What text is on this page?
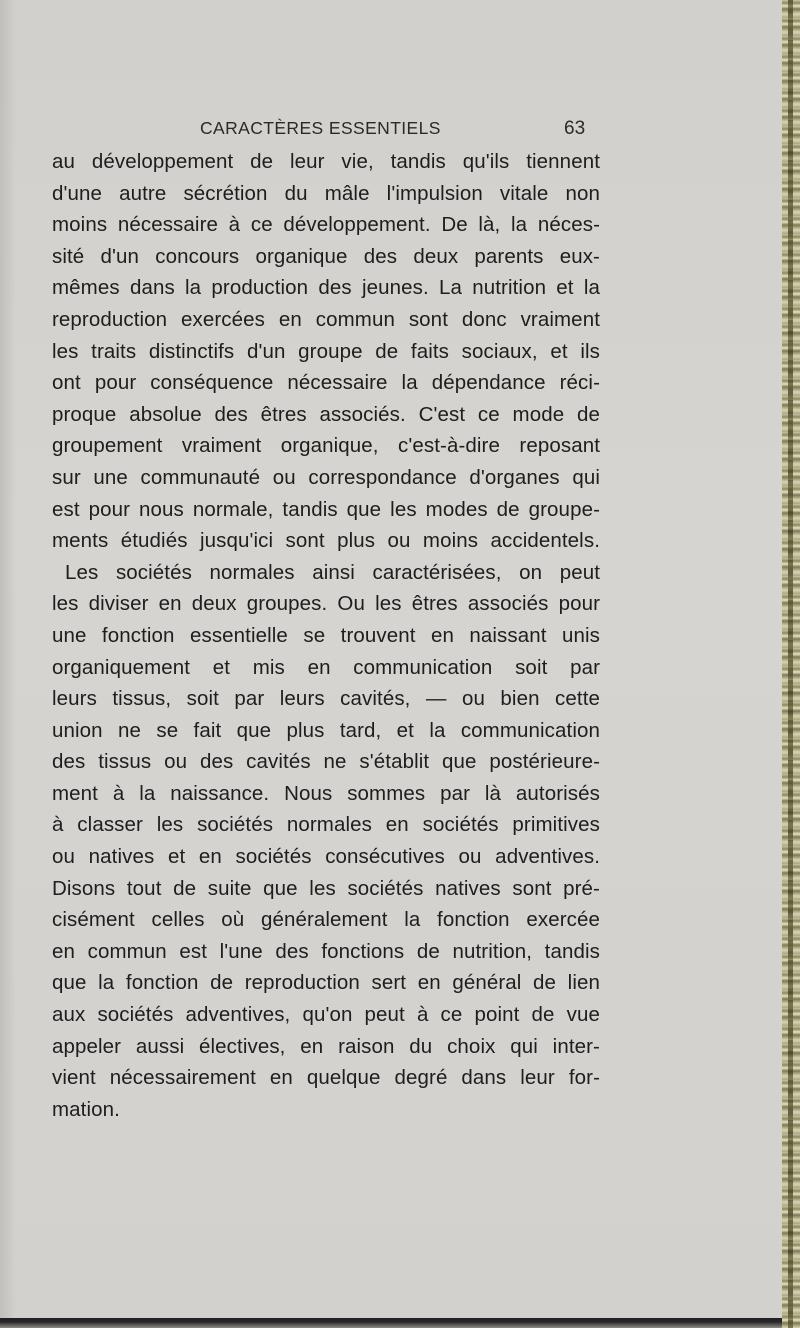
CARACTÈRES ESSENTIELS	63
au développement de leur vie, tandis qu'ils tiennent
d'une autre sécrétion du mâle l'impulsion vitale non
moins nécessaire à ce développement. De là, la néces-
sité d'un concours organique des deux parents eux-
mêmes dans la production des jeunes. La nutrition et la
reproduction exercées en commun sont donc vraiment
les traits distinctifs d'un groupe de faits sociaux, et ils
ont pour conséquence nécessaire la dépendance réci-
proque absolue des êtres associés. C'est ce mode de
groupement vraiment organique, c'est-à-dire reposant
sur une communauté ou correspondance d'organes qui
est pour nous normale, tandis que les modes de groupe-
ments étudiés jusqu'ici sont plus ou moins accidentels.
Les sociétés normales ainsi caractérisées, on peut
les diviser en deux groupes. Ou les êtres associés pour
une fonction essentielle se trouvent en naissant unis
organiquement et mis en communication soit par
leurs tissus, soit par leurs cavités, — ou bien cette
union ne se fait que plus tard, et la communication
des tissus ou des cavités ne s'établit que postérieure-
ment à la naissance. Nous sommes par là autorisés
à classer les sociétés normales en sociétés primitives
ou natives et en sociétés consécutives ou adventives.
Disons tout de suite que les sociétés natives sont pré-
cisément celles où généralement la fonction exercée
en commun est l'une des fonctions de nutrition, tandis
que la fonction de reproduction sert en général de lien
aux sociétés adventives, qu'on peut à ce point de vue
appeler aussi électives, en raison du choix qui inter-
vient nécessairement en quelque degré dans leur for-
mation.
